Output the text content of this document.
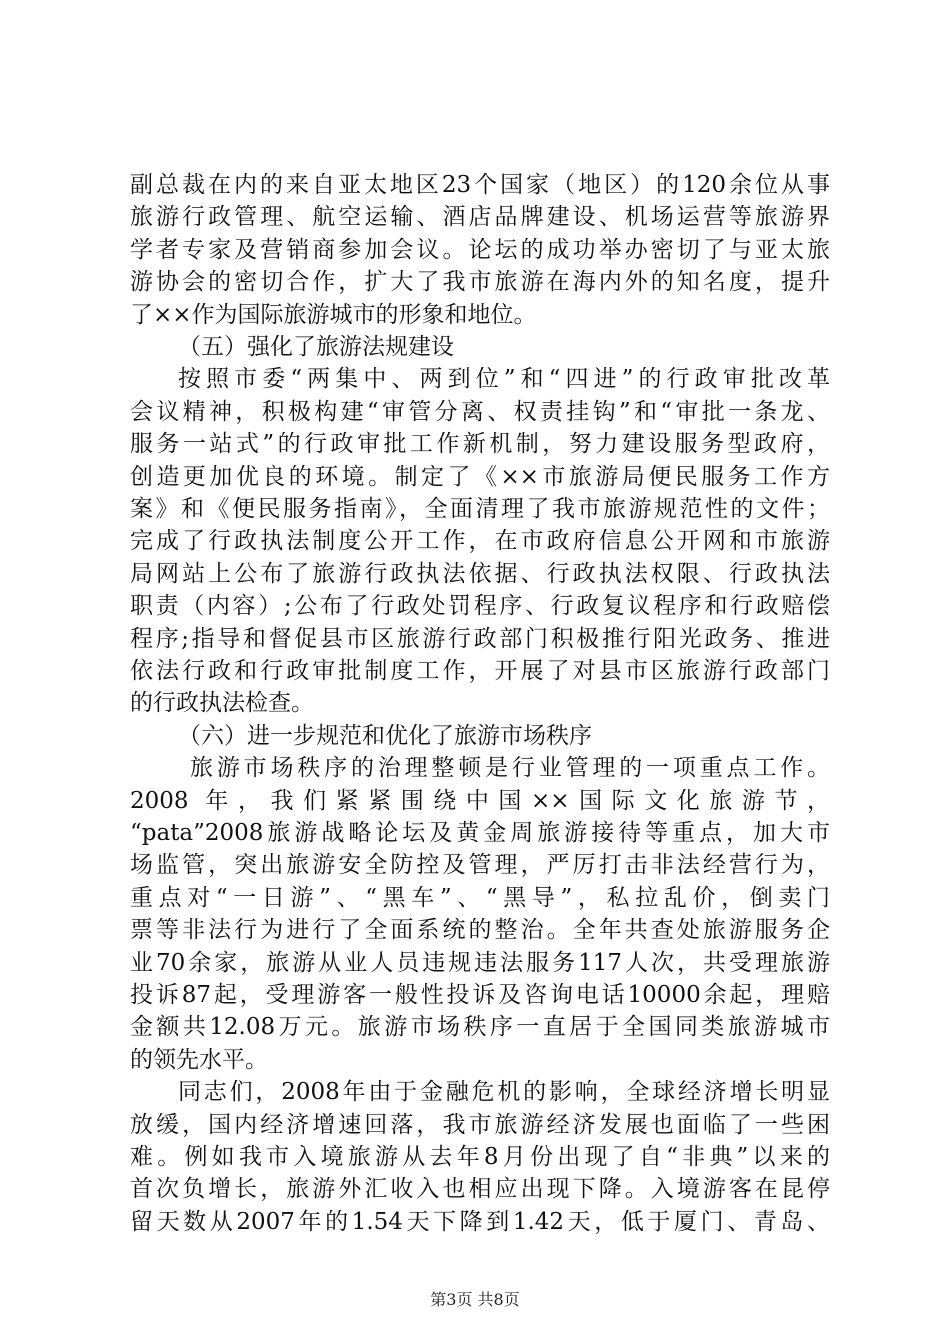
副总裁在内的来自亚太地区23个国家（地区）的120余位从事
旅游行政管理、航空运输、酒店品牌建设、机场运营等旅游界
学者专家及营销商参加会议。论坛的成功举办密切了与亚太旅
游协会的密切合作，扩大了我市旅游在海内外的知名度，提升
了××作为国际旅游城市的形象和地位。
（五）强化了旅游法规建设
按照市委“两集中、两到位”和“四进”的行政审批改革
会议精神，积极构建“审管分离、权责挂钩”和“审批一条龙、
服务一站式”的行政审批工作新机制，努力建设服务型政府，
创造更加优良的环境。制定了《××市旅游局便民服务工作方
案》和《便民服务指南》，全面清理了我市旅游规范性的文件；
完成了行政执法制度公开工作，在市政府信息公开网和市旅游
局网站上公布了旅游行政执法依据、行政执法权限、行政执法
职责（内容）;公布了行政处罚程序、行政复议程序和行政赔偿
程序;指导和督促县市区旅游行政部门积极推行阳光政务、推进
依法行政和行政审批制度工作，开展了对县市区旅游行政部门
的行政执法检查。
（六）进一步规范和优化了旅游市场秩序
旅游市场秩序的治理整顿是行业管理的一项重点工作。
2008 年，我们紧紧围绕中国××国际文化旅游节，
“pata”2008旅游战略论坛及黄金周旅游接待等重点，加大市
场监管，突出旅游安全防控及管理，严厉打击非法经营行为，
重点对“一日游”、“黑车”、“黑导”，私拉乱价，倒卖门
票等非法行为进行了全面系统的整治。全年共查处旅游服务企
业70余家，旅游从业人员违规违法服务117人次，共受理旅游
投诉87起，受理游客一般性投诉及咨询电话10000余起，理赔
金额共12.08万元。旅游市场秩序一直居于全国同类旅游城市
的领先水平。
同志们，2008年由于金融危机的影响，全球经济增长明显
放缓，国内经济增速回落，我市旅游经济发展也面临了一些困
难。例如我市入境旅游从去年8月份出现了自“非典”以来的
首次负增长，旅游外汇收入也相应出现下降。入境游客在昆停
留天数从2007年的1.54天下降到1.42天，低于厦门、青岛、
第3页 共8页
